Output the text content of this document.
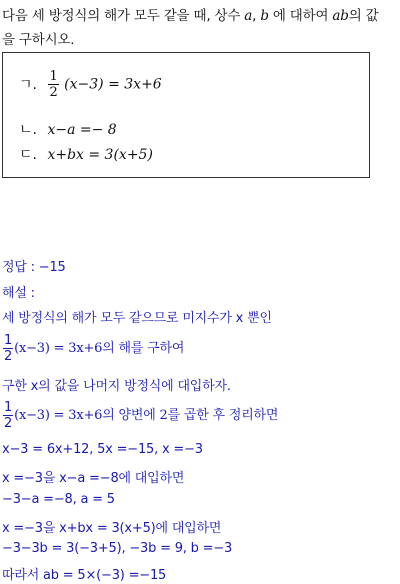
다음 세 방정식의 해가 모두 같을 때, 상수 a, b 에 대하여 ab의 값
을 구하시오.
ㄱ. $\frac{1}{2} (x-3) = 3x+6$
ㄴ. x−a =− 8
ㄷ. x+bx = 3(x+5)
정답 : −15
해설 :
세 방정식의 해가 모두 같으므로 미지수가 x 뿐인
$\frac{1}{2} (x-3) = 3x+6$의 해를 구하여
구한 x의 값을 나머지 방정식에 대입하자.
$\frac{1}{2} (x-3) = 3x+6$의 양변에 2를 곱한 후 정리하면
x−3 = 6x+12, 5x =−15, x =−3
x =−3을 x−a =−8에 대입하면
−3−a =−8, a = 5
x =−3을 x+bx = 3(x+5)에 대입하면
−3−3b = 3(−3+5), −3b = 9, b =−3
따라서 ab = 5×(−3) =−15
